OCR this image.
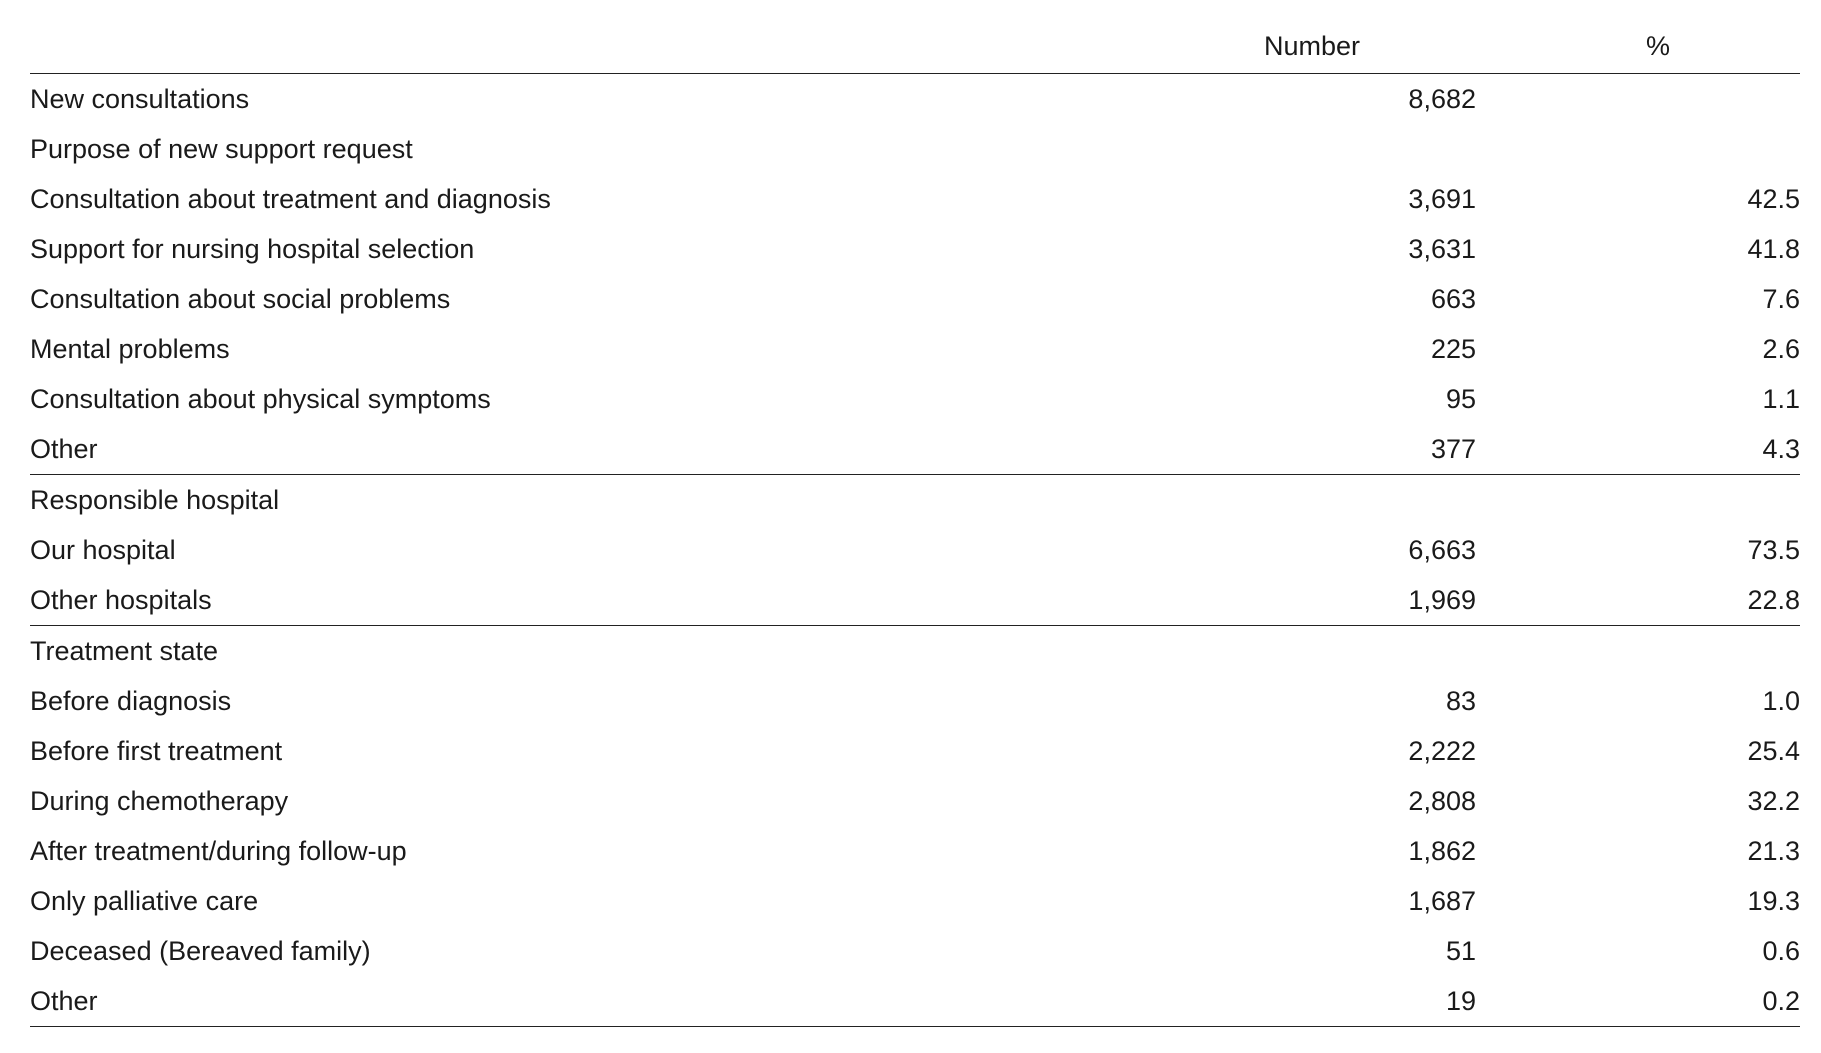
	Number	%
New consultations	8,682	
Purpose of new support request		
Consultation about treatment and diagnosis	3,691	42.5
Support for nursing hospital selection	3,631	41.8
Consultation about social problems	663	7.6
Mental problems	225	2.6
Consultation about physical symptoms	95	1.1
Other	377	4.3
Responsible hospital		
Our hospital	6,663	73.5
Other hospitals	1,969	22.8
Treatment state		
Before diagnosis	83	1.0
Before first treatment	2,222	25.4
During chemotherapy	2,808	32.2
After treatment/during follow-up	1,862	21.3
Only palliative care	1,687	19.3
Deceased (Bereaved family)	51	0.6
Other	19	0.2
